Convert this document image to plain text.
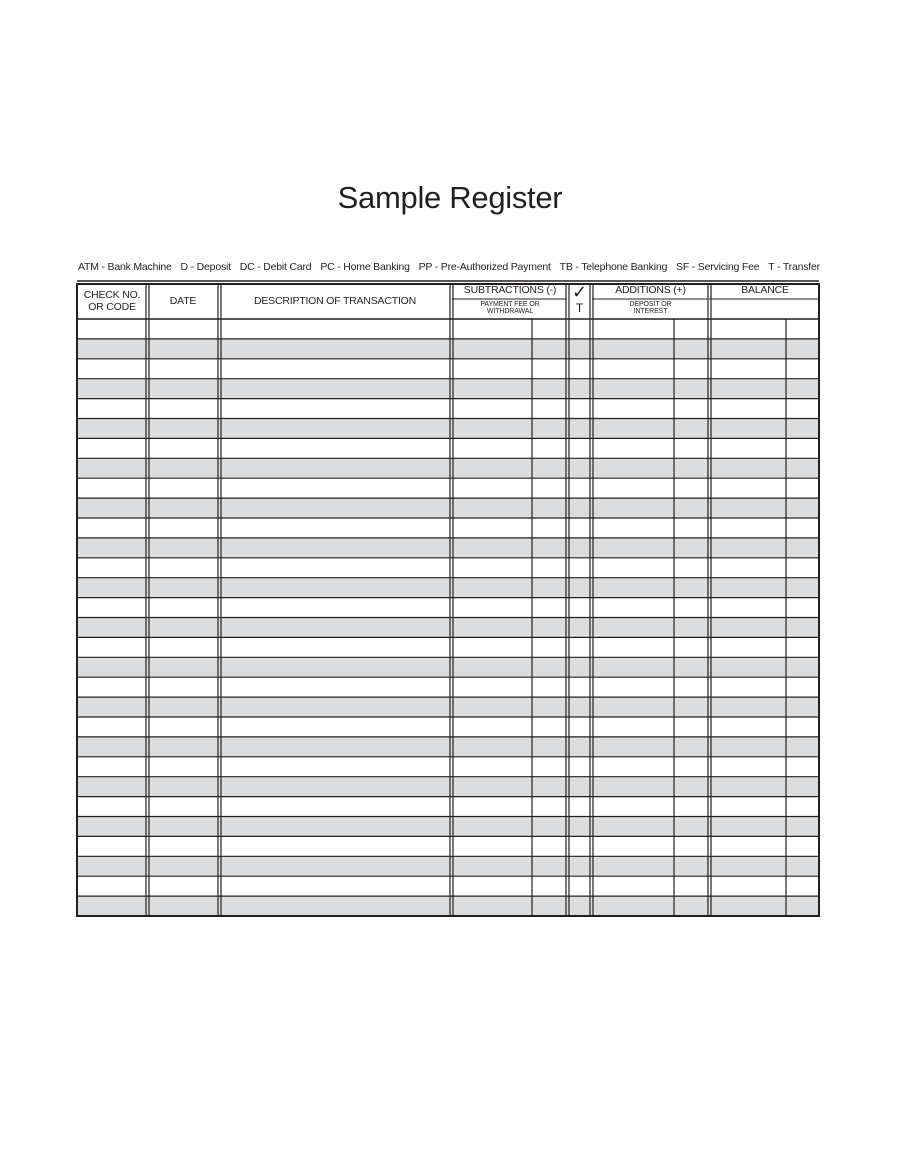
Sample Register
ATM - Bank Machine D - Deposit DC - Debit Card PC - Home Banking PP - Pre-Authorized Payment TB - Telephone Banking SF - Servicing Fee T - Transfer
CHECK NO.
OR CODE	DATE	DESCRIPTION OF TRANSACTION
SUBTRACTIONS (-)
PAYMENT FEE OR
WITHDRAWAL
✓
T
ADDITIONS (+)
DEPOSIT OR
INTEREST
BALANCE
